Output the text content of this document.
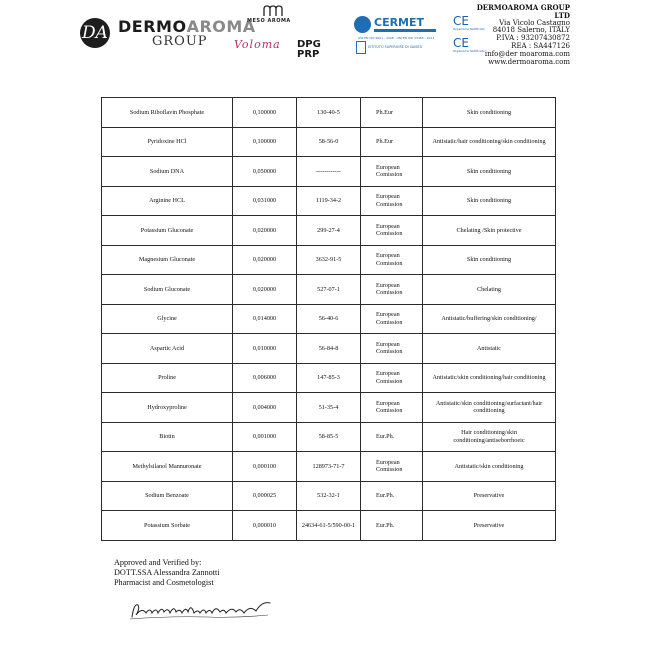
DA DERMOAROMA
GROUP
MESO AROMA
Voloma DPG
PRP
CERMET
UNI EN ISO 9001 - 2008 · UNI EN ISO 13485 - 2012
ISTITUTO SUPERIORE DI SANITÀ
CE
Organismo Notificato
CE
Organismo Notificato
DERMOAROMA GROUP LTD
Via Vicolo Castagno
84018 Salerno, ITALY
P.IVA : 93207430872
REA : SA447126
info@der moaroma.com
www.dermoaroma.com
Sodium Riboflavin Phosphate	0,100000	130-40-5	Ph.Eur	Skin conditioning
Pyridoxine HCl	0,100000	58-56-0	Ph.Eur	Antistatic/hair conditioning/skin conditioning
Sodium DNA	0,050000	------------	European Comission	Skin conditioning
Arginine HCL	0,031000	1119-34-2	European Comission	Skin conditioning
Potassium Gluconate	0,020000	299-27-4	European Comission	Chelating /Skin protective
Magnesium Gluconate	0,020000	3632-91-5	European Comission	Skin conditioning
Sodium Gluconate	0,020000	527-07-1	European Comission	Chelating
Glycine	0,014000	56-40-6	European Comission	Antistatic/buffering/skin conditioning/
Aspartic Acid	0,010000	56-84-8	European Comission	Antistatic
Proline	0,006000	147-85-3	European Comission	Antistatic/skin conditioning/hair conditioning
Hydroxyproline	0,004000	51-35-4	European Comission	Antistatic/skin conditioning/surfactant/hair conditioning
Biotin	0,001000	58-85-5	Eur.Ph.	Hair conditioning/skin conditioning/antiseborrhoeic
Methylsilanol Mannuronate	0,000100	128973-71-7	European Comission	Antistatic/skin conditioning
Sodium Benzoate	0,000025	532-32-1	Eur.Ph.	Preservative
Potassium Sorbate	0,000010	24634-61-5/590-00-1	Eur.Ph.	Preservative
Approved and Verified by:
DOTT.SSA Alessandra Zannotti
Pharmacist and Cosmetologist
